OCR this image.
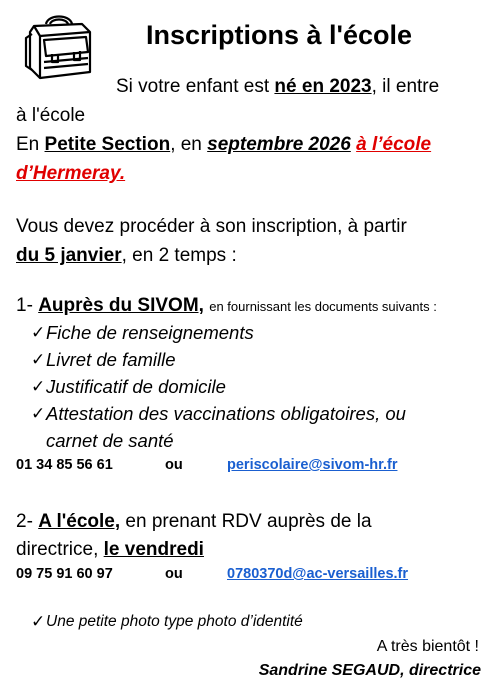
Inscriptions à l'école
Si votre enfant est né en 2023, il entre
à l'école
En Petite Section, en septembre 2026 à l’école
d’Hermeray.
Vous devez procéder à son inscription, à partir
du 5 janvier, en 2 temps :
1- Auprès du SIVOM, en fournissant les documents suivants :
✓ Fiche de renseignements
✓ Livret de famille
✓ Justificatif de domicile
✓ Attestation des vaccinations obligatoires, ou
carnet de santé
01 34 85 56 61	ou	periscolaire@sivom-hr.fr
2- A l'école, en prenant RDV auprès de la
directrice, le vendredi
09 75 91 60 97	ou	0780370d@ac-versailles.fr
✓ Une petite photo type photo d’identité
A très bientôt !
Sandrine SEGAUD, directrice
